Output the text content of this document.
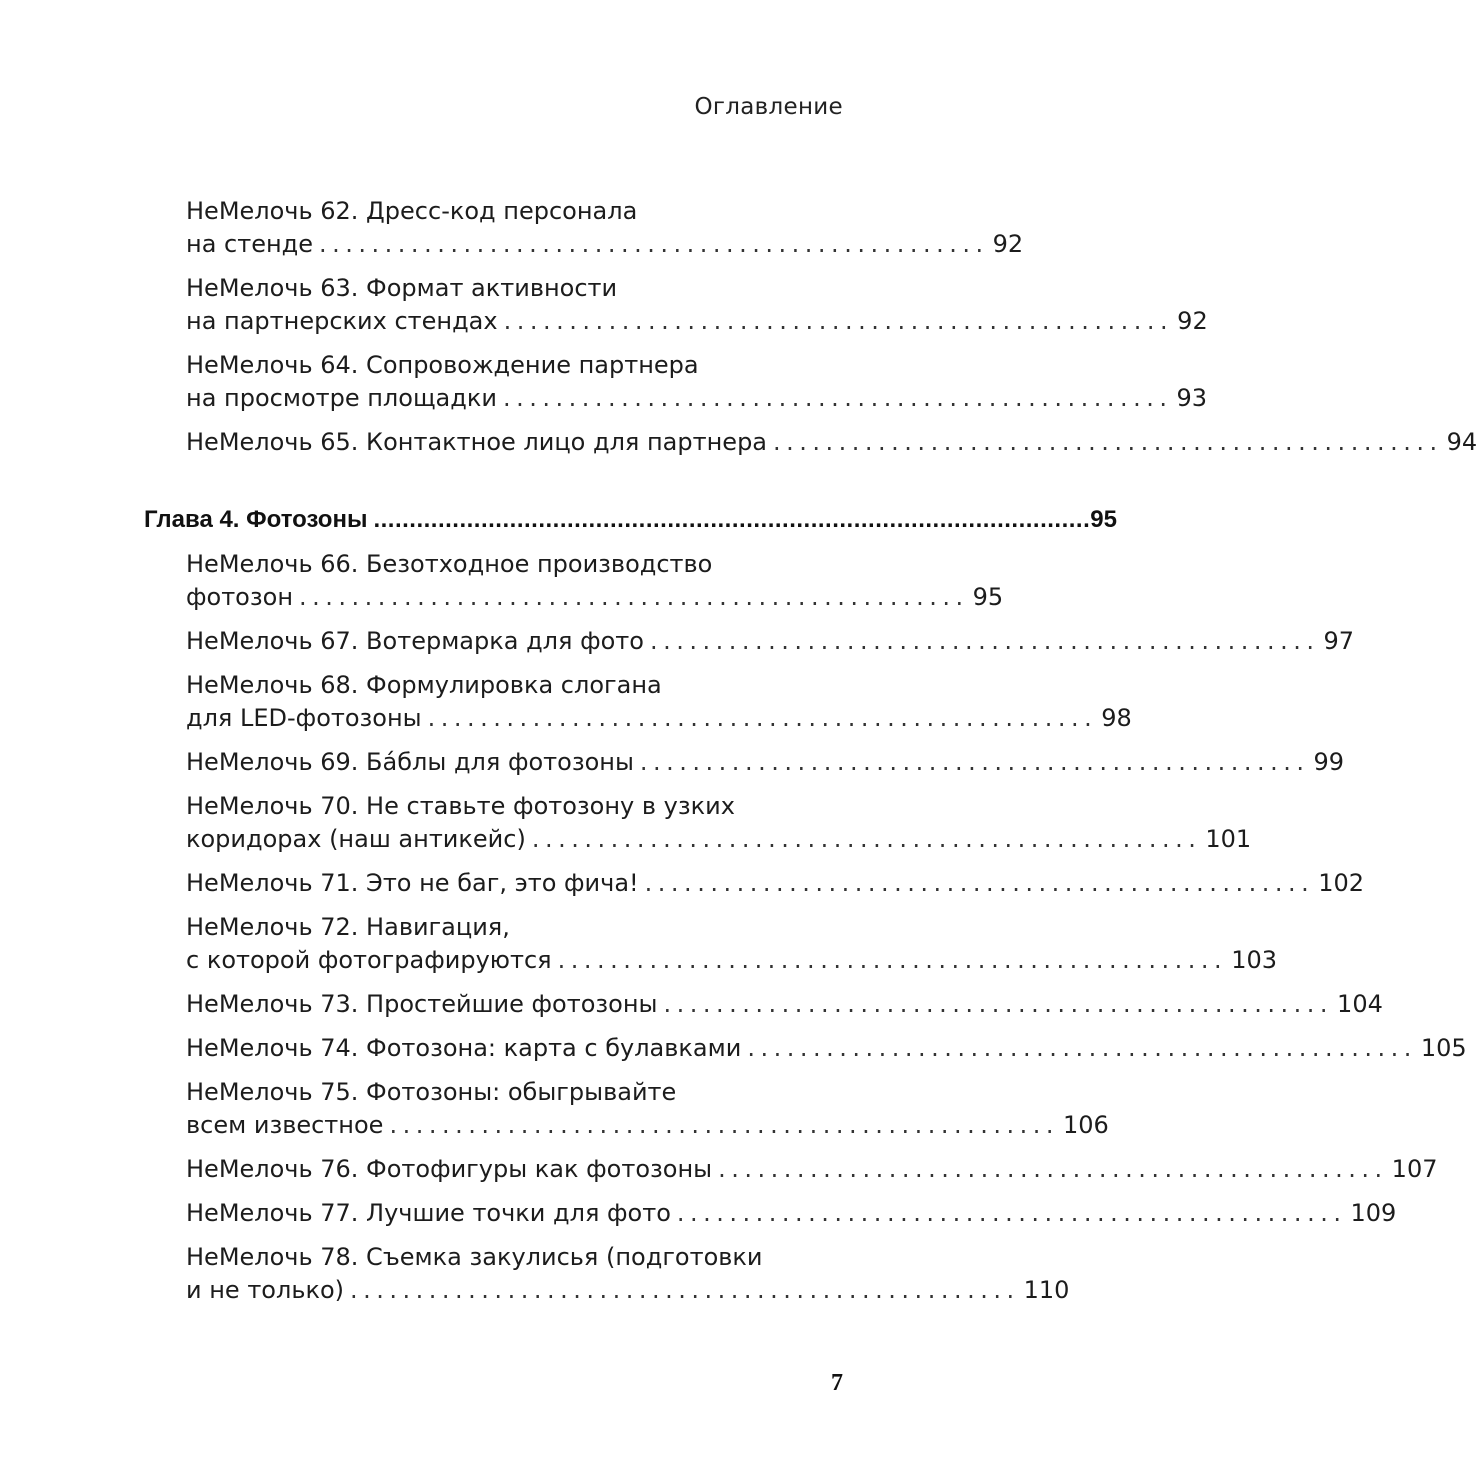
Оглавление
НеМелочь 62. Дресс-код персонала
на стенде ................................................... 92
НеМелочь 63. Формат активности
на партнерских стендах ................................................... 92
НеМелочь 64. Сопровождение партнера
на просмотре площадки ................................................... 93
НеМелочь 65. Контактное лицо для партнера ................................................... 94
Глава 4. Фотозоны .................................................................................................... 95
НеМелочь 66. Безотходное производство
фотозон ................................................... 95
НеМелочь 67. Вотермарка для фото ................................................... 97
НеМелочь 68. Формулировка слогана
для LED-фотозоны ................................................... 98
НеМелочь 69. Бáблы для фотозоны ................................................... 99
НеМелочь 70. Не ставьте фотозону в узких
коридорах (наш антикейс) ................................................... 101
НеМелочь 71. Это не баг, это фича! ................................................... 102
НеМелочь 72. Навигация,
с которой фотографируются ................................................... 103
НеМелочь 73. Простейшие фотозоны ................................................... 104
НеМелочь 74. Фотозона: карта с булавками ................................................... 105
НеМелочь 75. Фотозоны: обыгрывайте
всем известное ................................................... 106
НеМелочь 76. Фотофигуры как фотозоны ................................................... 107
НеМелочь 77. Лучшие точки для фото ................................................... 109
НеМелочь 78. Съемка закулисья (подготовки
и не только) ................................................... 110
7
